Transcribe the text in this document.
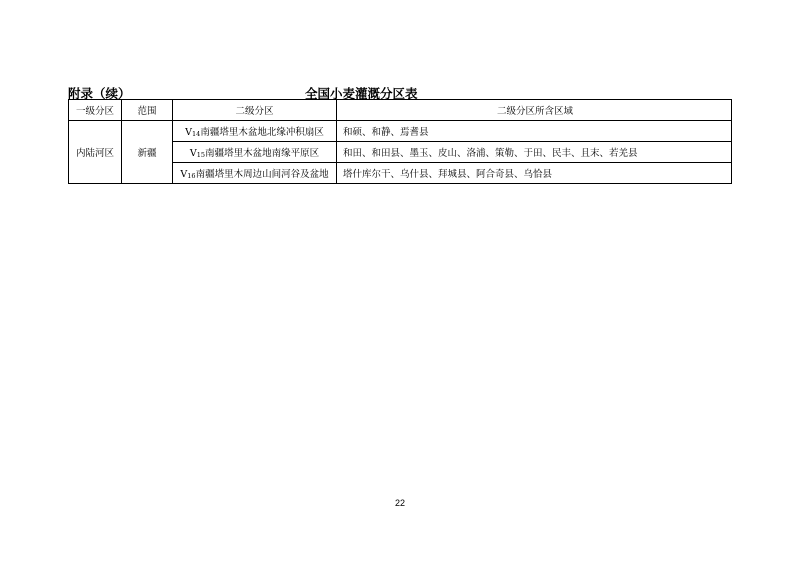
附录（续）	全国小麦灌溉分区表
一级分区	范围	二级分区	二级分区所含区域
内陆河区	新疆	$V_{14}$南疆塔里木盆地北缘冲积扇区	和硕、和静、焉耆县
		$V_{15}$南疆塔里木盆地南缘平原区	和田、和田县、墨玉、皮山、洛浦、策勒、于田、民丰、且末、若羌县
		$V_{16}$南疆塔里木周边山间河谷及盆地	塔什库尔干、乌什县、拜城县、阿合奇县、乌恰县
22
